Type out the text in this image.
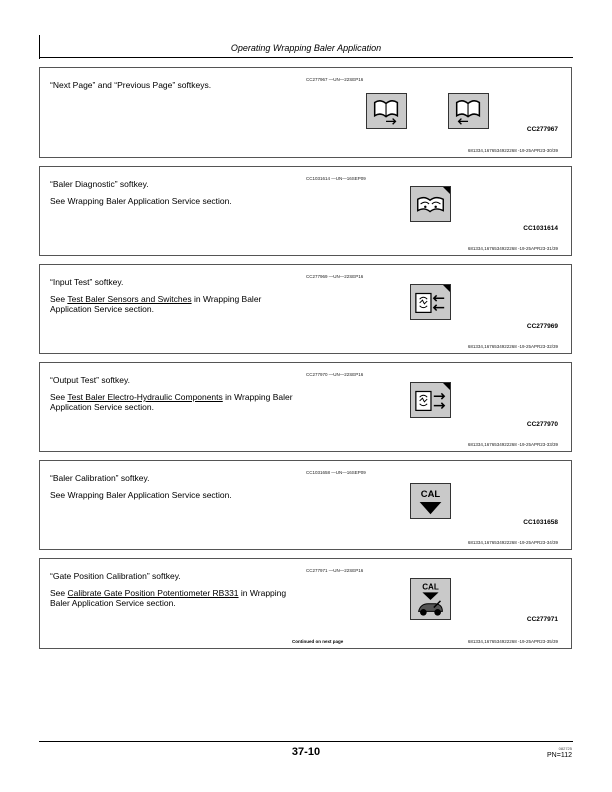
Operating Wrapping Baler Application

“Next Page” and “Previous Page” softkeys.

CC277967 —UN—22SEP16
CC277967
681334,1676534922268 -19-25APR23-30/39

“Baler Diagnostic” softkey.

See Wrapping Baler Application Service section.

CC1031614 —UN—16SEP09
CC1031614
681334,1676534922268 -19-25APR23-31/39

“Input Test” softkey.

See Test Baler Sensors and Switches in Wrapping Baler Application Service section.

CC277969 —UN—22SEP16
CC277969
681334,1676534922268 -19-25APR23-32/39

“Output Test” softkey.

See Test Baler Electro-Hydraulic Components in Wrapping Baler Application Service section.

CC277970 —UN—22SEP16
CC277970
681334,1676534922268 -19-25APR23-33/39

“Baler Calibration” softkey.

See Wrapping Baler Application Service section.

CC1031658 —UN—16SEP09
CAL
CC1031658
681334,1676534922268 -19-25APR23-34/39

“Gate Position Calibration” softkey.

See Calibrate Gate Position Potentiometer RB331 in Wrapping Baler Application Service section.

CC277971 —UN—22SEP16
CAL
CC277971
Continued on next page	681334,1676534922268 -19-25APR23-35/39
37-10	082725
PN=112
